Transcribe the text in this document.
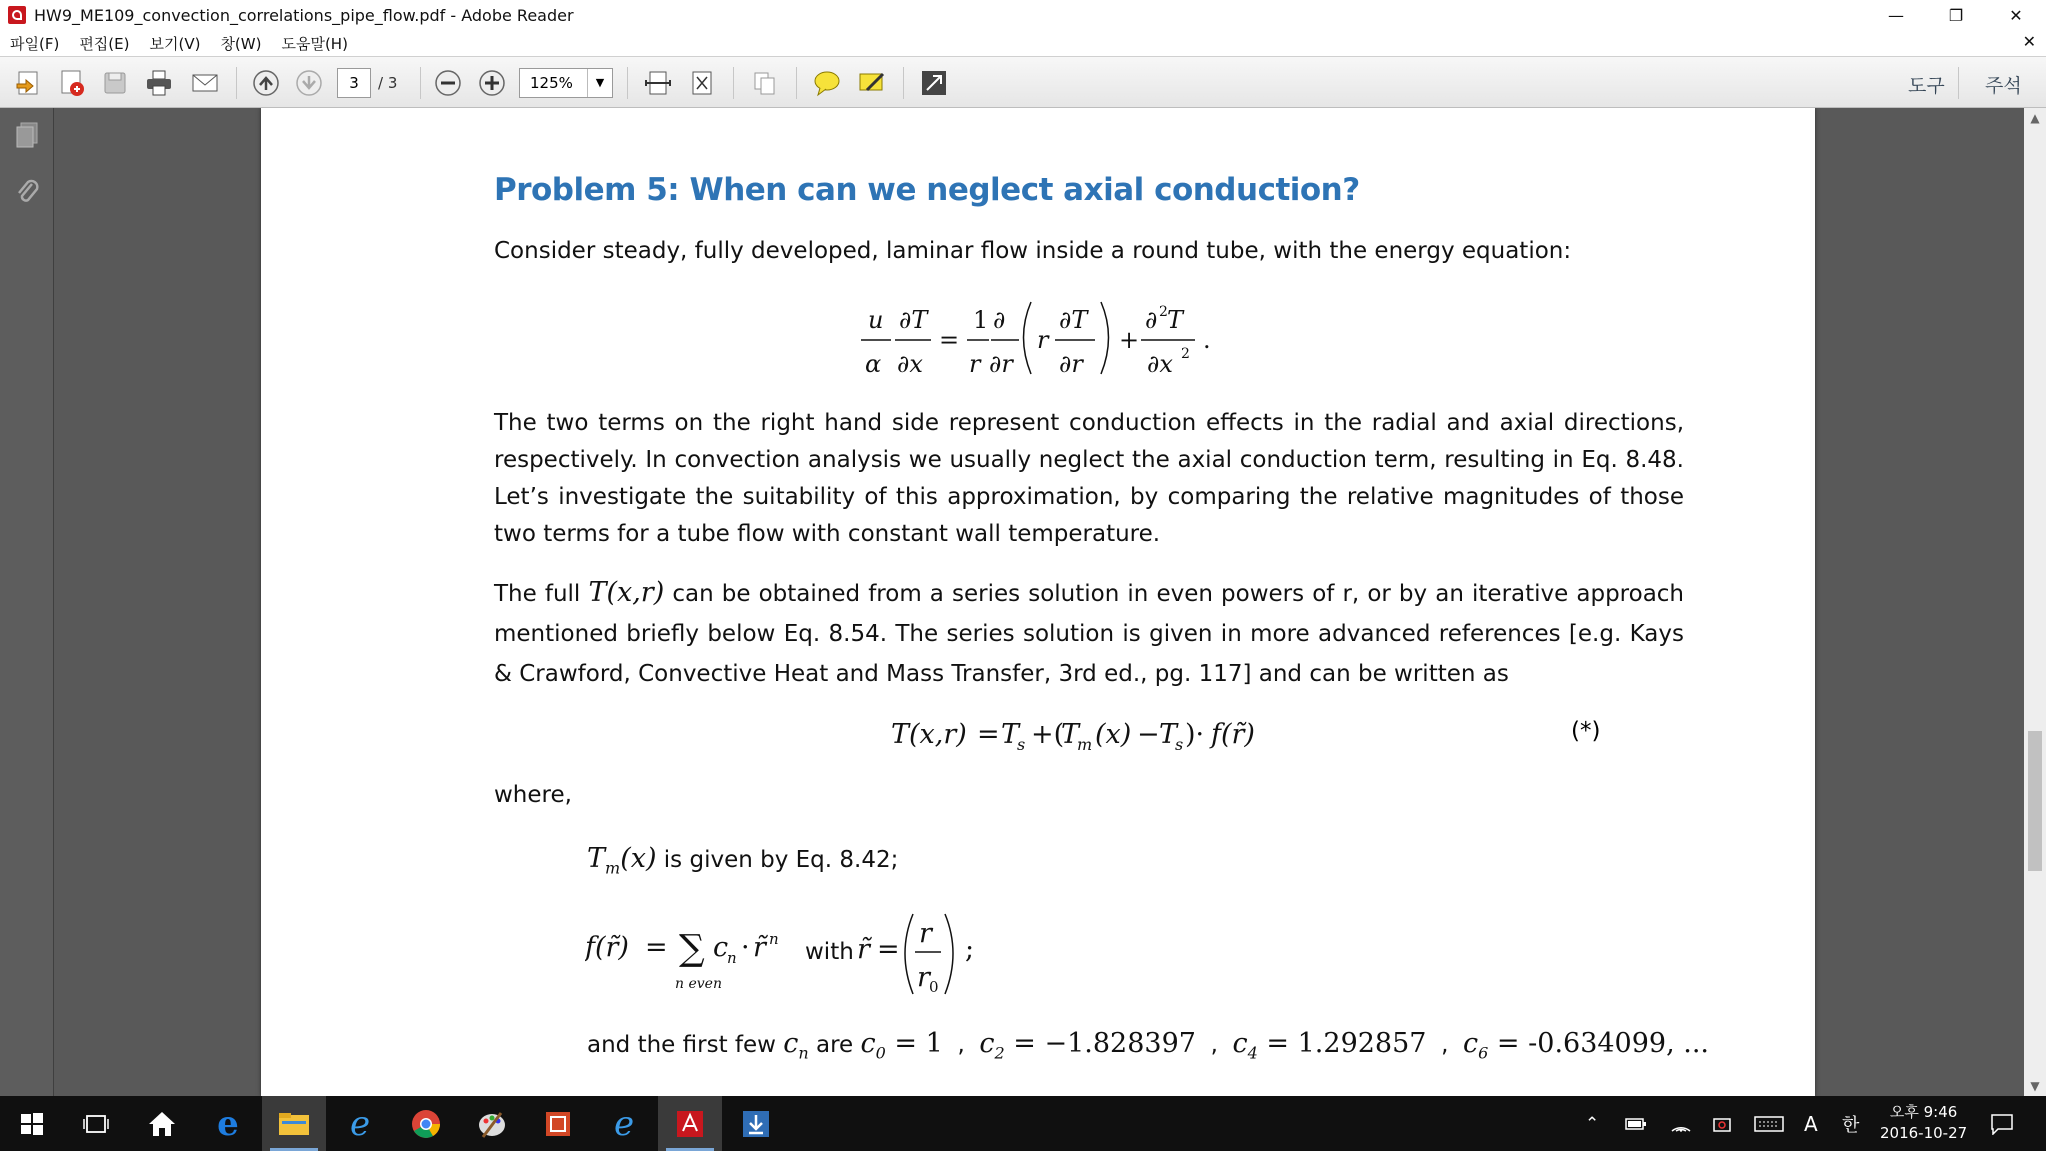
HW9_ME109_convection_correlations_pipe_flow.pdf - Adobe Reader	—	❐	✕
파일(F)	편집(E)	보기(V)	창(W)	도움말(H)	✕
3	/ 3	125%	▼	도구 주석
Problem 5: When can we neglect axial conduction?
Consider steady, fully developed, laminar flow inside a round tube, with the energy equation:
u
α
∂T
∂x
=
1
r
∂
∂r
r
∂T
∂r
+
∂ 2 T
∂x 2 .
The two terms on the right hand side represent conduction effects in the radial and axial directions, respectively. In convection analysis we usually neglect the axial conduction term, resulting in Eq. 8.48. Let’s investigate the suitability of this approximation, by comparing the relative magnitudes of those two terms for a tube flow with constant wall temperature.
The full T(x,r) can be obtained from a series solution in even powers of r, or by an iterative approach mentioned briefly below Eq. 8.54. The series solution is given in more advanced references [e.g. Kays & Crawford, Convective Heat and Mass Transfer, 3rd ed., pg. 117] and can be written as
T(x,r) = T
s +(
T
m (x) − T
s )· f(r̃)	(*)
where,
$T_m(x)$ is given by Eq. 8.42;
f(r̃) = ∑
n even
c
n · r̃ n with r̃ =
r
r 0
;
and the first few $c_n$ are $c_0 = 1$  ,  $c_2 = -1.828397$  ,  $c_4 = 1.292857$  ,  $c_6 = -0.634099$, ...
▲
▼
e	e	e	⌃	A 한
오후 9:46
2016-10-27
